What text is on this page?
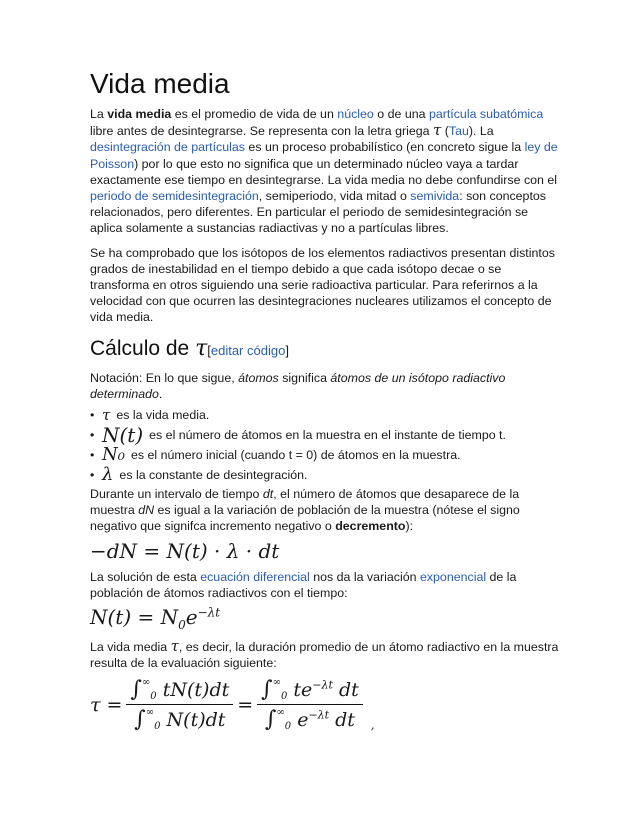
Vida media

La vida media es el promedio de vida de un núcleo o de una partícula subatómica libre antes de desintegrarse. Se representa con la letra griega τ (Tau). La desintegración de partículas es un proceso probabilístico (en concreto sigue la ley de Poisson) por lo que esto no significa que un determinado núcleo vaya a tardar exactamente ese tiempo en desintegrarse. La vida media no debe confundirse con el periodo de semidesintegración, semiperiodo, vida mitad o semivida: son conceptos relacionados, pero diferentes. En particular el periodo de semidesintegración se aplica solamente a sustancias radiactivas y no a partículas libres.

Se ha comprobado que los isótopos de los elementos radiactivos presentan distintos grados de inestabilidad en el tiempo debido a que cada isótopo decae o se transforma en otros siguiendo una serie radioactiva particular. Para referirnos a la velocidad con que ocurren las desintegraciones nucleares utilizamos el concepto de vida media.

Cálculo de τ[editar código]

Notación: En lo que sigue, átomos significa átomos de un isótopo radiactivo determinado.

• τ es la vida media.
• N(t) es el número de átomos en la muestra en el instante de tiempo t.
• N₀ es el número inicial (cuando t = 0) de átomos en la muestra.
• λ es la constante de desintegración.

Durante un intervalo de tiempo dt, el número de átomos que desaparece de la muestra dN es igual a la variación de población de la muestra (nótese el signo negativo que signifca incremento negativo o decremento):

−dN = N(t) · λ · dt

La solución de esta ecuación diferencial nos da la variación exponencial de la población de átomos radiactivos con el tiempo:

$N(t) = N_0e^{-\lambda t}$

La vida media τ, es decir, la duración promedio de un átomo radiactivo en la muestra resulta de la evaluación siguiente:

$\tau = \frac{\int^\infty 0 tN(t)dt}{\int^\infty 0 N(t)dt} = \frac{\int^\infty 0 te^{-\lambda t} dt}{\int^\infty 0 e^{-\lambda t} dt}$ ,
